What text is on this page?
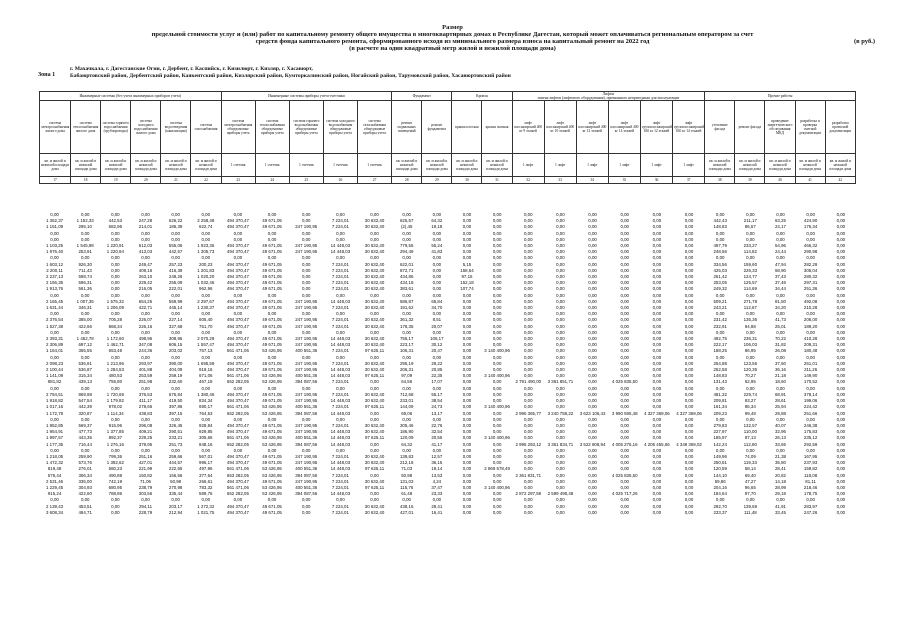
Размер
предельной стоимости услуг и (или) работ по капитальному ремонту общего имущества в многоквартирных домах в Республике Дагестан, который может оплачиваться региональным оператором за счет
средств фонда капитального ремонта, сформированного исходя из минимального размера взноса на капитальный ремонт на 2022 год
(в расчете на один квадратный метр жилой и нежилой площади дома)
(в руб.)
Зона 1
г. Махачкала, г. Дагестанские Огни, г. Дербент, г. Каспийск, г. Кизилюрт, г. Кизляр, г. Хасавюрт,
Бабаюртовский район, Дербентский район, Каякентский район, Кизлярский район, Кумторкалинский район, Ногайский район, Тарумовский район, Хасавюртовский район
Инженерные системы (без учета инженерных приборов учета)						Инженерные системы приборы учета-счетчики					Фундамент		Кровля		Лифты
замена лифтов (лифтового оборудования), признанного непригодным для эксплуатации						Прочие работы				
система электроснабжения жилого дома	система теплоснабжения жилого дома	система горячего водоснабжения (трубопроводы)	система холодного водоснабжения жилого дома	система водоотведения (канализации)	система газоснабжения	система электроснабжения общедомовые приборы учета	система теплоснабжения общедомовые приборы учета	система горячего водоснабжения общедомовые приборы учета	система холодного водоснабжения общедомовые приборы учета	система газоснабжения общедомовые приборы учета	ремонт подвальных помещений	ремонт фундамента	крыша плоская	крыша скатная	лифт пассажирский 400 кг 9 этажей	лифт пассажирский 400 кг 10 этажей	лифт пассажирский 400 кг 12 этажей	лифт пассажирский 400 кг 14 этажей	лифт грузопассажирский 630 кг 12 этажей	лифт грузопассажирский 630 кг 14 этажей	утепление фасада	ремонт фасада	проведение энергетического обследования МКД	разработка и проверка сметной документации	разработка проектной документации
кв. м жилой и нежилой площади дома	кв. м жилой и нежилой площади дома	кв. м жилой и нежилой площади дома	кв. м жилой и нежилой площади дома	кв. м жилой и нежилой площади дома	кв. м жилой и нежилой площади дома	1 счетчик	1 счетчик	1 счетчик	1 счетчик	1 счетчик	кв. м жилой и нежилой площади дома	кв. м жилой и нежилой площади дома	кв. м жилой и нежилой площади дома	кв. м жилой и нежилой площади дома	1 лифт	1 лифт	1 лифт	1 лифт	1 лифт	1 лифт	кв. м жилой и нежилой площади дома	кв. м жилой и нежилой площади дома	кв. м жилой и нежилой площади дома	кв. м жилой и нежилой площади дома	кв. м жилой и нежилой площади дома
17	18	19	20	21	22	23	24	25	26	27	28	29	30	31	32	33	34	35	36	37	38	39	40	41	42
0,00	0,00	0,00	0,00	0,00	0,00	0,00	0,00	0,00	0,00	0,00	0,00	0,00	0,00	0,00	0,00	0,00	0,00	0,00	0,00	0,00	0,00	0,00	0,00	0,00	0,00
1 362,37	1 152,33	442,53	247,28	626,22	2 258,48	494 370,47	49 671,05	0,00	7 224,01	30 632,40	625,57	64,32	0,00	0,00	0,00	0,00	0,00	0,00	0,00	0,00	442,43	211,17	63,25	424,90	0,00
1 151,09	295,10	682,96	214,01	186,39	622,74	494 370,47	49 671,05	247 190,95	7 224,01	30 632,40	(2),45	19,18	0,00	0,00	0,00	0,00	0,00	0,00	0,00	0,00	148,83	86,57	24,17	176,34	0,00
0,00	0,00	0,00	0,00	0,00	0,00	0,00	0,00	0,00	0,00	0,00	0,00	0,00	0,00	0,00	0,00	0,00	0,00	0,00	0,00	0,00	0,00	0,00	0,00	0,00	0,00
0,00	0,00	0,00	0,00	0,00	0,00	0,00	0,00	0,00	0,00	0,00	0,00	0,00	0,00	0,00	0,00	0,00	0,00	0,00	0,00	0,00	0,00	0,00	0,00	0,00	0,00
1 103,25	1 545,98	1 220,91	612,03	555,06	1 923,36	494 370,47	49 671,05	247 190,95	14 448,03	30 632,40	779,55	55,24	0,00	0,00	0,00	0,00	0,00	0,00	0,00	0,00	497,79	233,27	54,96	466,32	0,00
1 976,40	253,91	1 220,94	413,03	442,57	1 305,73	494 370,47	49 671,05	247 190,95	14 448,03	30 632,40	294,49	41,83	0,00	0,00	0,00	0,00	0,00	0,00	0,00	0,00	248,56	114,82	24,44	290,98	0,00
0,00	0,00	0,00	0,00	0,00	0,00	0,00	0,00	0,00	0,00	0,00	0,00	0,00	0,00	0,00	0,00	0,00	0,00	0,00	0,00	0,00	0,00	0,00	0,00	0,00	0,00
1 603,12	926,30	0,00	249,47	257,23	200,23	494 370,47	49 671,05	0,00	7 224,01	30 632,40	622,01	0,00	5,15	0,00	0,00	0,00	0,00	0,00	0,00	0,00	334,56	159,60	47,94	282,29	0,00
2 200,11	711,43	0,00	409,16	416,39	1 201,83	494 370,47	49 671,05	0,00	7 224,01	30 632,40	872,71	0,00	158,64	0,00	0,00	0,00	0,00	0,00	0,00	0,00	425,03	226,33	68,90	305,04	0,00
2 237,13	598,74	0,00	263,10	248,26	1 020,20	494 370,47	49 671,05	0,00	7 224,01	30 632,40	434,86	0,00	97,15	0,00	0,00	0,00	0,00	0,00	0,00	0,00	261,42	124,77	37,43	280,32	0,00
2 156,35	596,31	0,00	229,42	255,09	1 032,46	494 370,47	49 671,05	0,00	7 224,01	30 632,40	434,18	0,00	152,18	0,00	0,00	0,00	0,00	0,00	0,00	0,00	253,05	125,57	37,46	297,31	0,00
1 913,76	561,36	0,00	216,05	222,01	962,96	494 370,47	49 671,05	0,00	7 224,01	30 632,40	383,61	0,00	107,74	0,00	0,00	0,00	0,00	0,00	0,00	0,00	249,32	114,69	34,44	251,36	0,00
0,00	0,00	0,00	0,00	0,00	0,00	0,00	0,00	0,00	0,00	0,00	0,00	0,00	0,00	0,00	0,00	0,00	0,00	0,00	0,00	0,00	0,00	0,00	0,00	0,00	0,00
2 165,45	1 007,35	1 575,32	654,25	559,99	2 297,67	494 370,47	49 671,05	247 190,95	14 448,03	30 632,40	586,87	65,84	0,00	0,00	0,00	0,00	0,00	0,00	0,00	0,00	509,21	271,78	81,50	492,08	0,00
1 631,44	346,31	1 206,09	422,71	445,14	1 230,37	494 370,47	49 671,05	247 190,95	7 224,01	30 632,40	191,62	34,70	0,00	0,00	0,00	0,00	0,00	0,00	0,00	0,00	243,21	112,67	34,20	210,28	0,00
0,00	0,00	0,00	0,00	0,00	0,00	0,00	0,00	0,00	0,00	0,00	0,00	0,00	0,00	0,00	0,00	0,00	0,00	0,00	0,00	0,00	0,00	0,00	0,00	0,00	0,00
2 376,54	385,00	705,28	226,07	227,14	605,40	494 370,47	49 671,05	247 190,95	7 224,01	30 632,40	361,32	8,51	0,00	0,00	0,00	0,00	0,00	0,00	0,00	0,00	231,42	135,36	41,73	206,00	0,00
1 527,38	422,66	868,34	226,16	327,68	751,70	494 370,47	49 671,05	247 190,95	7 224,01	30 632,40	178,35	20,07	0,00	0,00	0,00	0,00	0,00	0,00	0,00	0,00	232,91	94,88	25,01	189,20	0,00
0,00	0,00	0,00	0,00	0,00	0,00	0,00	0,00	0,00	0,00	0,00	0,00	0,00	0,00	0,00	0,00	0,00	0,00	0,00	0,00	0,00	0,00	0,00	0,00	0,00	0,00
2 393,31	1 462,78	1 172,60	498,96	308,96	2 070,29	494 370,47	49 671,05	247 190,95	14 448,03	30 632,40	755,17	106,17	0,00	0,00	0,00	0,00	0,00	0,00	0,00	0,00	492,75	236,31	70,22	410,28	0,00
2 306,89	697,12	1 462,71	347,08	606,15	1 557,47	494 370,47	49 671,05	247 190,95	14 448,03	30 632,40	223,17	30,12	0,00	0,00	0,00	0,00	0,00	0,00	0,00	0,00	222,17	106,03	31,82	209,31	0,00
1 164,01	365,55	653,48	244,36	203,02	757,13	561 471,06	53 426,95	400 551,36	7 224,01	97 625,11	106,31	20,47	0,00	3 140 400,96	0,00	0,00	0,00	0,00	0,00	0,00	188,25	86,95	26,08	180,48	0,00
0,00	0,00	0,00	0,00	0,00	0,00	0,00	0,00	0,00	0,00	0,00	0,00	0,00	0,00	0,00	0,00	0,00	0,00	0,00	0,00	0,00	0,00	0,00	0,00	0,00	0,00
2 098,23	536,81	1 213,96	293,97	390,00	1 695,59	494 370,47	49 671,05	247 190,95	7 224,01	30 632,40	295,19	29,22	0,00	0,00	0,00	0,00	0,00	0,00	0,00	0,00	254,88	123,55	37,60	251,01	0,00
2 100,44	536,87	1 284,53	401,88	404,09	919,16	494 370,47	49 671,05	247 190,95	14 448,03	30 632,40	206,31	20,85	0,00	0,00	0,00	0,00	0,00	0,00	0,00	0,00	252,58	120,35	36,16	211,26	0,00
1 141,09	315,34	480,53	253,59	259,19	671,06	561 471,06	53 426,95	400 551,36	14 448,03	97 625,11	97,09	22,35	0,00	3 140 400,96	0,00	0,00	0,00	0,00	0,00	0,00	148,83	70,27	21,18	149,90	0,00
881,82	439,13	755,80	251,98	232,60	467,18	652 282,05	53 426,95	394 087,56	7 224,01	0,00	64,56	17,07	0,00	0,00	2 791 490,00	3 361 851,71	0,00	4 025 835,50	0,00	0,00	131,43	62,95	18,60	170,52	0,00
0,00	0,00	0,00	0,00	0,00	0,00	0,00	0,00	0,00	0,00	0,00	0,00	0,00	0,00	0,00	0,00	0,00	0,00	0,00	0,00	0,00	0,00	0,00	0,00	0,00	0,00
2 784,51	869,98	1 720,69	376,53	676,84	1 380,46	494 370,47	49 671,05	247 190,95	7 224,01	30 632,40	712,68	55,17	0,00	0,00	0,00	0,00	0,00	0,00	0,00	0,00	481,32	229,74	68,91	378,14	0,00
1 918,82	547,54	1 179,82	411,17	419,50	834,34	494 370,47	49 671,05	247 190,95	14 448,03	30 632,40	233,01	38,54	0,00	0,00	0,00	0,00	0,00	0,00	0,00	0,00	209,81	93,27	28,61	199,06	0,00
1 017,16	442,39	978,02	278,66	397,86	690,17	561 471,06	53 426,95	400 551,36	7 224,01	97 625,11	144,09	24,73	0,00	3 140 400,96	0,00	0,00	0,00	0,00	0,00	0,00	161,34	86,34	25,94	224,42	0,00
1 172,78	320,87	1 114,34	438,83	397,15	764,53	652 282,05	53 426,95	394 087,56	14 448,03	0,00	69,06	13,17	0,00	0,00	2 995 365,77	3 240 758,22	3 623 106,43	3 990 595,48	4 327 369,06	4 327 369,06	209,23	99,48	29,88	251,66	0,00
0,00	0,00	0,00	0,00	0,00	0,00	0,00	0,00	0,00	0,00	0,00	0,00	0,00	0,00	0,00	0,00	0,00	0,00	0,00	0,00	0,00	0,00	0,00	0,00	0,00	0,00
1 852,85	569,37	915,96	296,08	326,45	928,84	494 370,47	49 671,05	247 190,95	7 224,01	30 632,40	305,46	22,76	0,00	0,00	0,00	0,00	0,00	0,00	0,00	0,00	279,83	132,57	40,07	246,38	0,00
1 954,91	477,73	1 377,85	409,21	290,51	929,85	494 370,47	49 671,05	247 190,95	14 448,03	30 632,40	186,90	32,54	0,00	0,00	0,00	0,00	0,00	0,00	0,00	0,00	227,97	110,00	32,96	175,83	0,00
1 997,57	443,35	892,37	229,25	233,21	305,66	561 471,06	53 426,95	400 551,36	14 448,03	97 625,11	120,09	20,55	0,00	3 140 400,96	0,00	0,00	0,00	0,00	0,00	0,00	185,97	87,13	26,13	235,12	0,00
1 177,35	716,44	1 276,16	379,95	251,73	848,16	652 282,05	53 426,95	394 087,56	14 448,03	0,00	64,32	41,17	0,00	0,00	2 995 293,12	3 361 834,71	3 522 808,94	4 005 276,16	4 206 455,66	4 348 369,02	142,24	112,80	33,65	292,59	0,00
0,00	0,00	0,00	0,00	0,00	0,00	0,00	0,00	0,00	0,00	0,00	0,00	0,00	0,00	0,00	0,00	0,00	0,00	0,00	0,00	0,00	0,00	0,00	0,00	0,00	0,00
1 218,05	259,90	799,36	251,16	259,66	567,01	494 370,47	49 671,05	247 190,95	7 224,01	30 632,40	139,83	12,57	0,00	0,00	0,00	0,00	0,00	0,00	0,00	0,00	149,96	74,09	21,38	167,95	0,00
1 472,32	573,76	1 392,62	427,01	444,57	996,17	494 370,47	49 671,05	247 190,95	14 448,03	30 632,40	212,18	36,15	0,00	0,00	0,00	0,00	0,00	0,00	0,00	0,00	250,61	119,33	35,80	237,93	0,00
819,48	276,01	580,23	221,99	222,55	497,96	561 471,06	53 426,95	400 551,36	14 448,03	97 625,11	71,03	19,14	0,00	2 869 578,49	0,00	0,00	0,00	0,00	0,00	0,00	120,59	58,14	28,41	159,82	0,00
576,44	306,34	490,88	150,82	156,56	377,64	653 282,05	53 426,95	394 087,56	7 224,01	0,00	50,98	13,53	0,00	0,00	2 361 831,71	0,00	0,00	4 025 835,50	0,00	0,00	144,10	69,40	20,82	118,08	0,00
2 531,46	335,00	742,19	71,06	50,98	266,61	494 370,47	49 671,05	247 190,95	7 224,01	30 632,40	131,03	4,24	0,00	0,00	0,00	0,00	0,00	0,00	0,00	0,00	59,86	47,27	14,18	81,11	0,00
1 229,45	304,93	680,95	238,79	270,98	783,32	561 471,06	53 426,95	400 551,36	7 224,01	97 625,11	115,76	37,47	0,00	3 140 400,96	0,00	0,00	0,00	0,00	0,00	0,00	204,16	96,65	28,99	218,46	0,00
915,24	422,60	788,86	303,56	335,44	589,76	652 282,05	53 426,95	394 087,56	14 448,03	0,00	61,48	23,33	0,00	0,00	2 872 297,59	2 599 498,48	0,00	4 025 717,26	0,00	0,00	184,64	97,70	29,18	178,75	0,00
0,00	0,00	0,00	0,00	0,00	0,00	0,00	0,00	0,00	0,00	0,00	0,00	0,00	0,00	0,00	0,00	0,00	0,00	0,00	0,00	0,00	0,00	0,00	0,00	0,00	0,00
2 139,43	453,51	0,00	294,11	203,17	1 272,32	494 370,47	49 671,05	0,00	7 224,01	30 632,40	438,16	29,41	0,00	0,00	0,00	0,00	0,00	0,00	0,00	0,00	292,70	139,69	41,91	283,97	0,00
3 608,34	494,71	0,00	228,79	212,94	1 021,75	494 370,47	49 671,05	0,00	7 224,01	30 632,40	427,01	16,41	0,00	0,00	0,00	0,00	0,00	0,00	0,00	0,00	233,37	111,48	33,45	247,26	0,00
